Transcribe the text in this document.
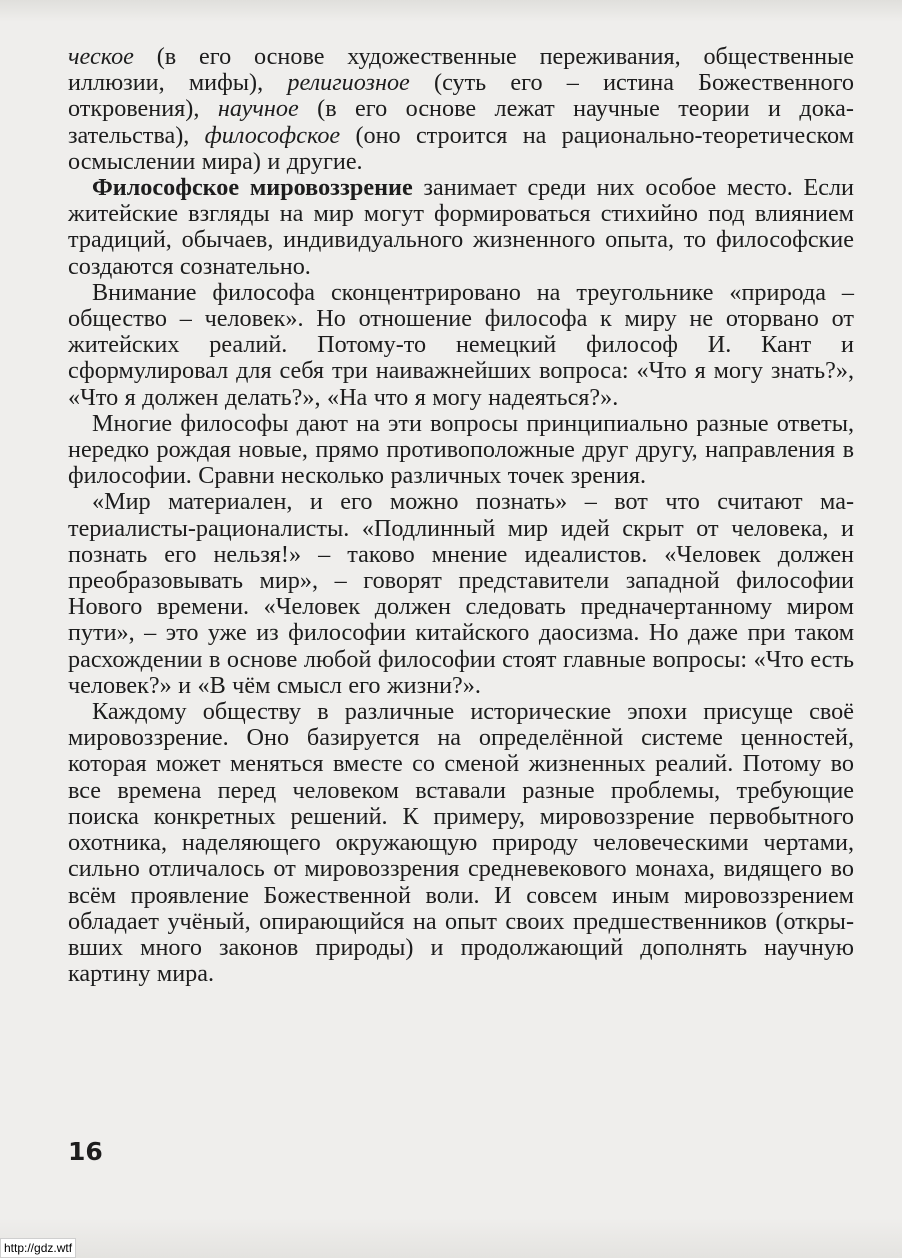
ческое (в его основе художественные переживания, общественные иллюзии, мифы), религиозное (суть его – истина Божественного откровения), научное (в его основе лежат научные теории и доказательства), философское (оно строится на рационально-теоретическом осмыслении мира) и другие.

Философское мировоззрение занимает среди них особое место. Если житейские взгляды на мир могут формироваться стихийно под влиянием традиций, обычаев, индивидуального жизненного опыта, то философские создаются сознательно.

Внимание философа сконцентрировано на треугольнике «природа – общество – человек». Но отношение философа к миру не оторвано от житейских реалий. Потому-то немецкий философ И. Кант и сформулировал для себя три наиважнейших вопроса: «Что я могу знать?», «Что я должен делать?», «На что я могу надеяться?».

Многие философы дают на эти вопросы принципиально разные ответы, нередко рождая новые, прямо противоположные друг другу, направления в философии. Сравни несколько различных точек зрения.

«Мир материален, и его можно познать» – вот что считают материалисты-рационалисты. «Подлинный мир идей скрыт от человека, и познать его нельзя!» – таково мнение идеалистов. «Человек должен преобразовывать мир», – говорят представители западной философии Нового времени. «Человек должен следовать предначертанному миром пути», – это уже из философии китайского даосизма. Но даже при таком расхождении в основе любой философии стоят главные вопросы: «Что есть человек?» и «В чём смысл его жизни?».

Каждому обществу в различные исторические эпохи присуще своё мировоззрение. Оно базируется на определённой системе ценностей, которая может меняться вместе со сменой жизненных реалий. Потому во все времена перед человеком вставали разные проблемы, требующие поиска конкретных решений. К примеру, мировоззрение первобытного охотника, наделяющего окружающую природу человеческими чертами, сильно отличалось от мировоззрения средневекового монаха, видящего во всём проявление Божественной воли. И совсем иным мировоззрением обладает учёный, опирающийся на опыт своих предшественников (открывших много законов природы) и продолжающий дополнять научную картину мира.

16
http://gdz.wtf
